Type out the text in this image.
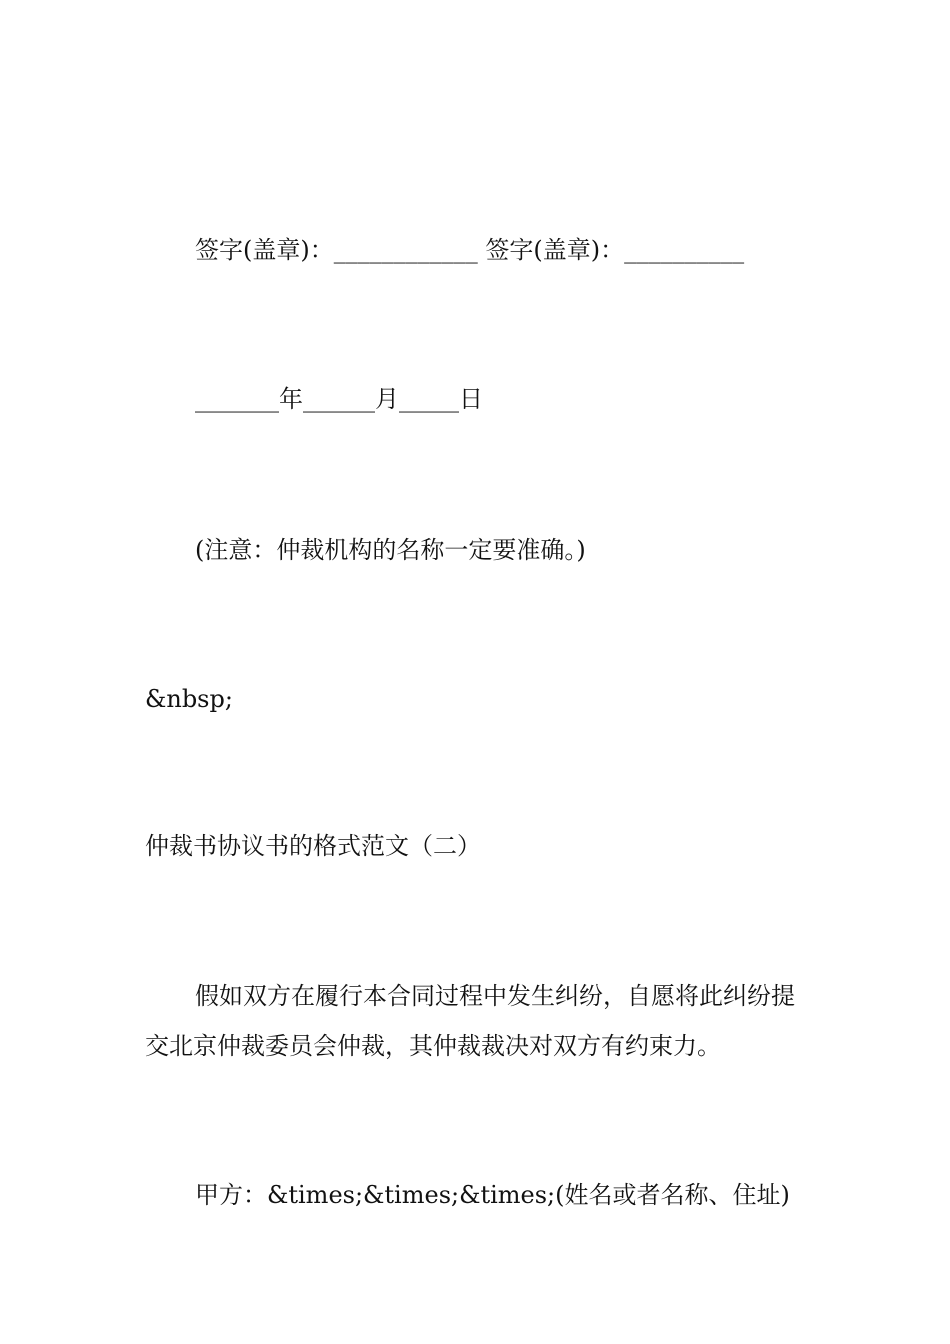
签字(盖章)：____________ 签字(盖章)：__________

_______年______月_____日

(注意：仲裁机构的名称一定要准确。)

&nbsp;

仲裁书协议书的格式范文（二）

假如双方在履行本合同过程中发生纠纷，自愿将此纠纷提交北京仲裁委员会仲裁，其仲裁裁决对双方有约束力。

甲方：&times;&times;&times;(姓名或者名称、住址)
